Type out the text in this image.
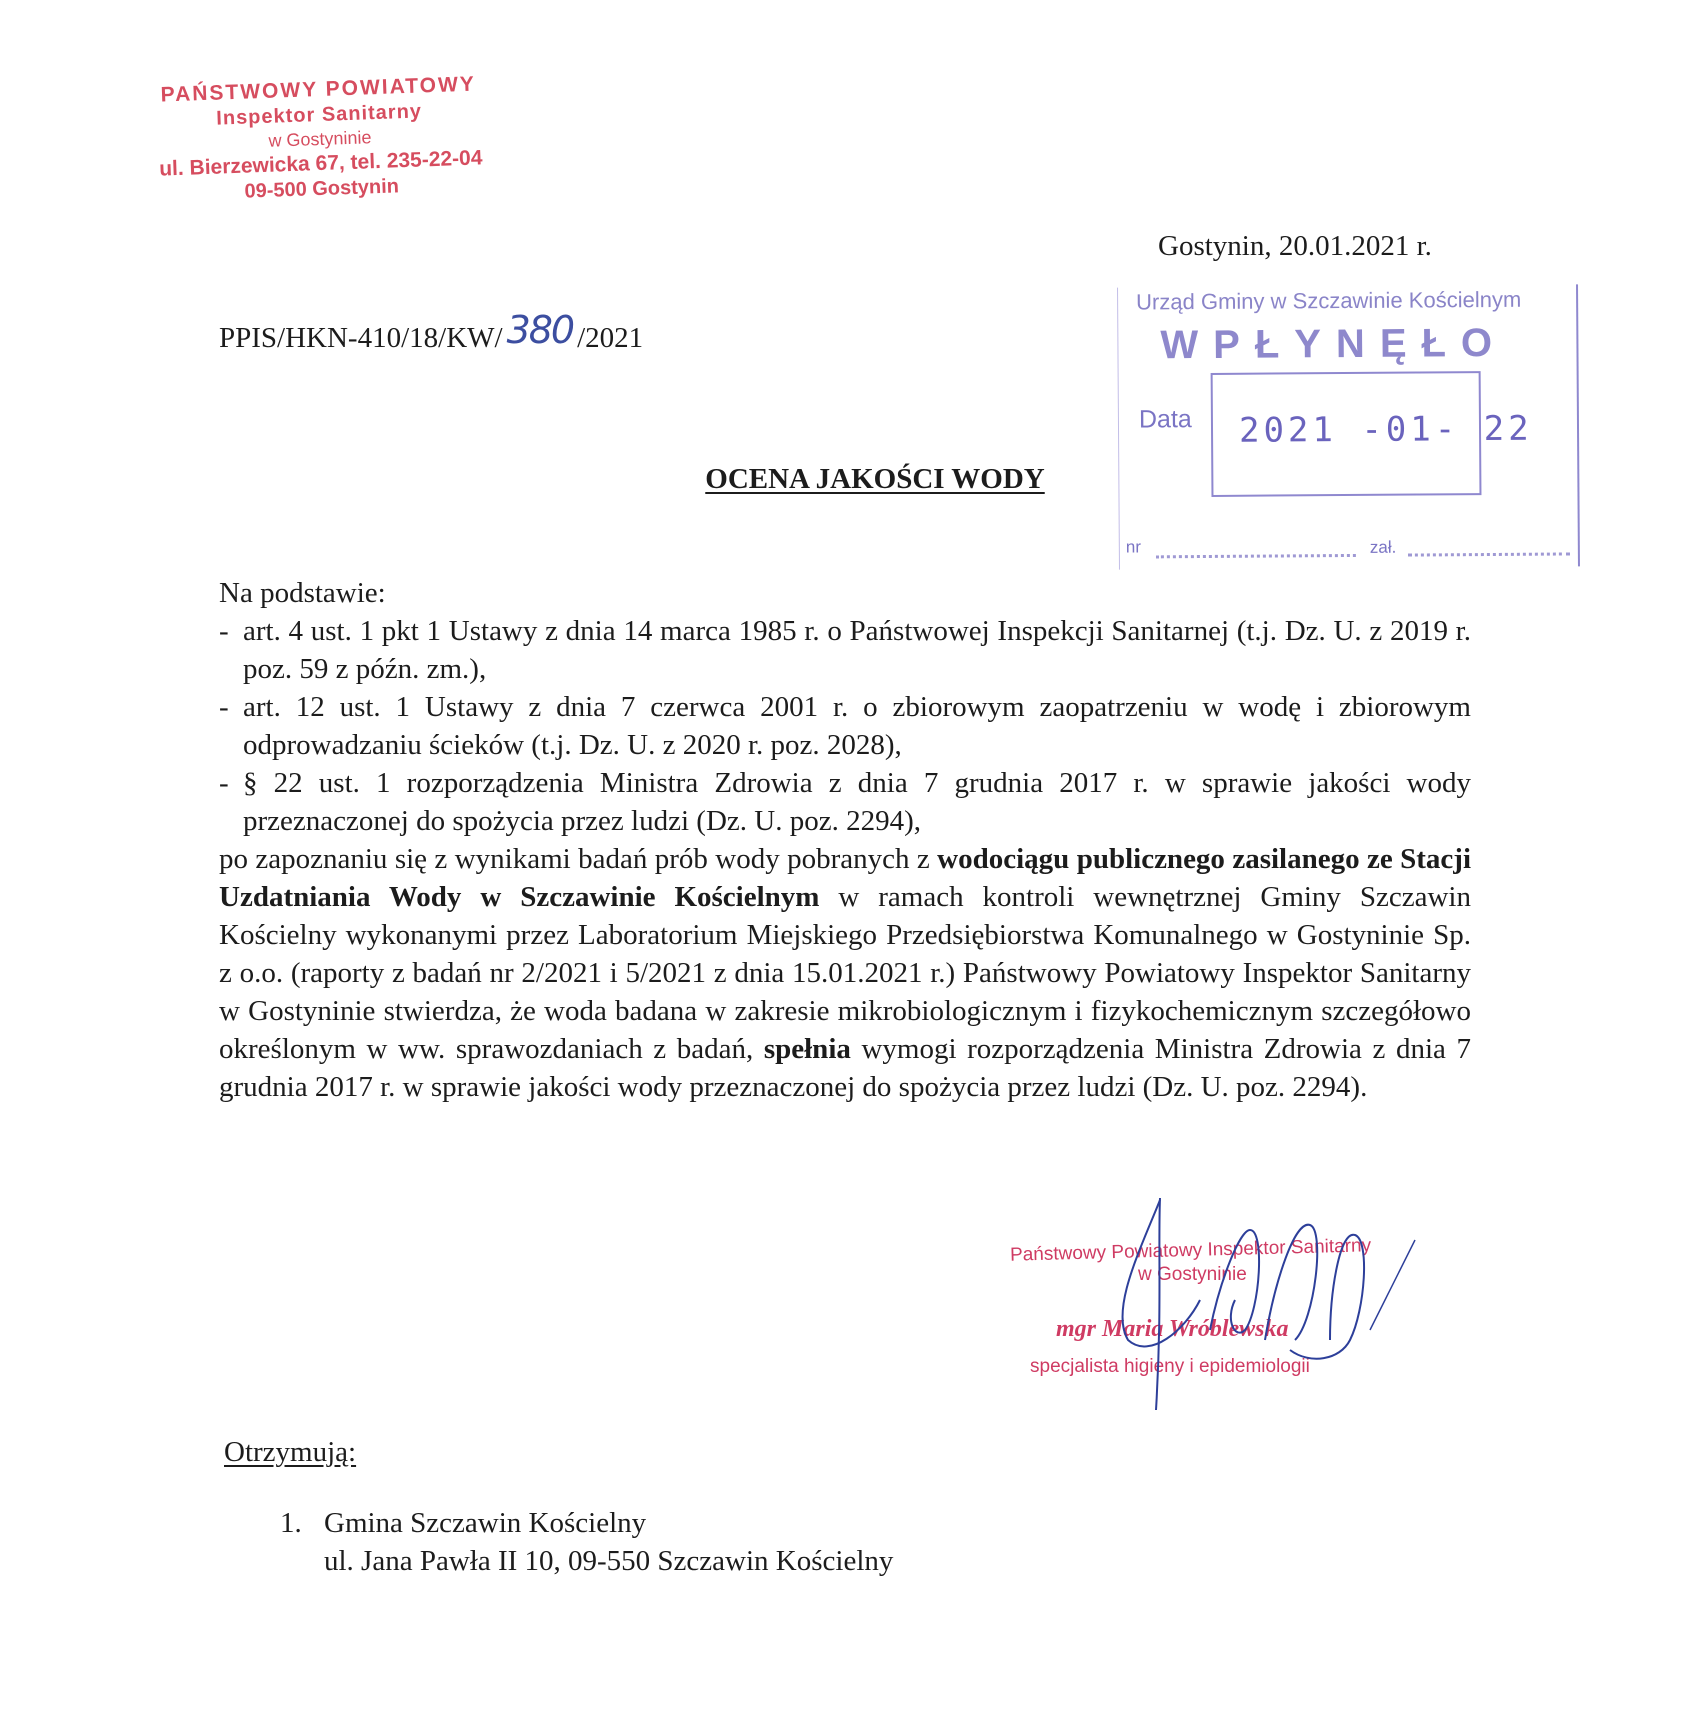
PAŃSTWOWY POWIATOWY
Inspektor Sanitarny
w Gostyninie
ul. Bierzewicka 67, tel. 235-22-04
09-500 Gostynin
Gostynin, 20.01.2021 r.
PPIS/HKN-410/18/KW/ 380 /2021
Urząd Gminy w Szczawinie Kościelnym
WPŁYNĘŁO
Data 2021 -01- 22
nr	zał.
OCENA JAKOŚCI WODY
Na podstawie:
- art. 4 ust. 1 pkt 1 Ustawy z dnia 14 marca 1985 r. o Państwowej Inspekcji Sanitarnej (t.j. Dz. U. z 2019 r. poz. 59 z późn. zm.),
- art. 12 ust. 1 Ustawy z dnia 7 czerwca 2001 r. o zbiorowym zaopatrzeniu w wodę i zbiorowym odprowadzaniu ścieków (t.j. Dz. U. z 2020 r. poz. 2028),
- § 22 ust. 1 rozporządzenia Ministra Zdrowia z dnia 7 grudnia 2017 r. w sprawie jakości wody przeznaczonej do spożycia przez ludzi (Dz. U. poz. 2294),
po zapoznaniu się z wynikami badań prób wody pobranych z wodociągu publicznego zasilanego ze Stacji Uzdatniania Wody w Szczawinie Kościelnym w ramach kontroli wewnętrznej Gminy Szczawin Kościelny wykonanymi przez Laboratorium Miejskiego Przedsiębiorstwa Komunalnego w Gostyninie Sp. z o.o. (raporty z badań nr 2/2021 i 5/2021 z dnia 15.01.2021 r.) Państwowy Powiatowy Inspektor Sanitarny w Gostyninie stwierdza, że woda badana w zakresie mikrobiologicznym i fizykochemicznym szczegółowo określonym w ww. sprawozdaniach z badań, spełnia wymogi rozporządzenia Ministra Zdrowia z dnia 7 grudnia 2017 r. w sprawie jakości wody przeznaczonej do spożycia przez ludzi (Dz. U. poz. 2294).
Państwowy Powiatowy Inspektor Sanitarny
w Gostyninie
mgr Maria Wróblewska
specjalista higieny i epidemiologii
Otrzymują:
1. Gmina Szczawin Kościelny
ul. Jana Pawła II 10, 09-550 Szczawin Kościelny
